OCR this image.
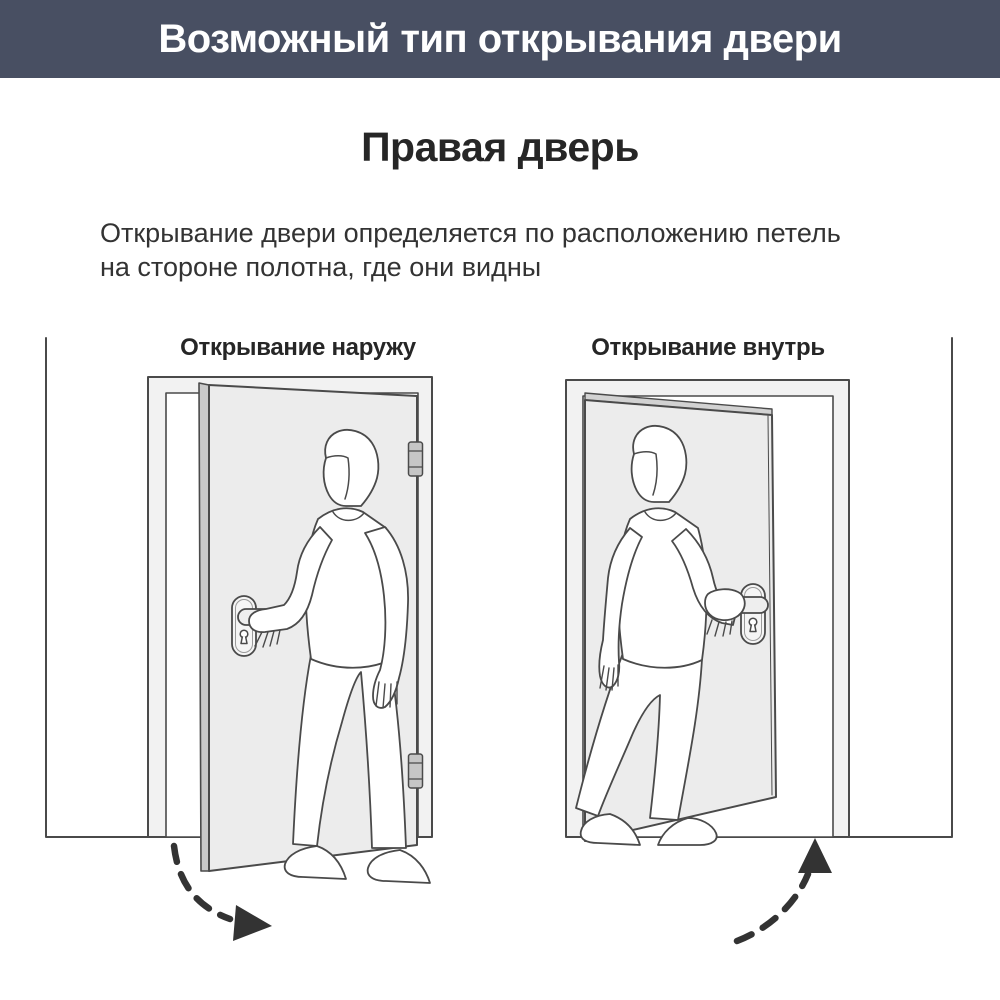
Возможный тип открывания двери
Правая дверь
Открывание двери определяется по расположению петель
на стороне полотна, где они видны
Открывание наружу	Открывание внутрь
